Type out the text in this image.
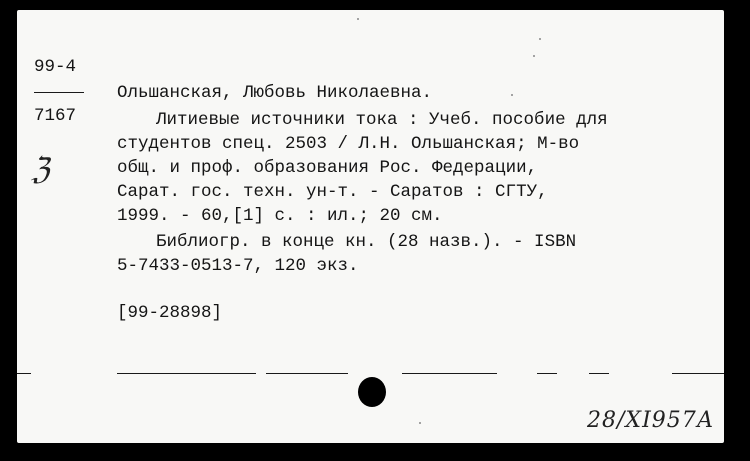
99-4
7167
ℨ
Ольшанская, Любовь Николаевна.
Литиевые источники тока : Учеб. пособие для
студентов спец. 2503 / Л.Н. Ольшанская; М-во
общ. и проф. образования Рос. Федерации,
Сарат. гос. техн. ун-т. - Саратов : СГТУ,
1999. - 60,[1] с. : ил.; 20 см.
Библиогр. в конце кн. (28 назв.). - ISBN
5-7433-0513-7, 120 экз.
[99-28898]
28/XI957А
